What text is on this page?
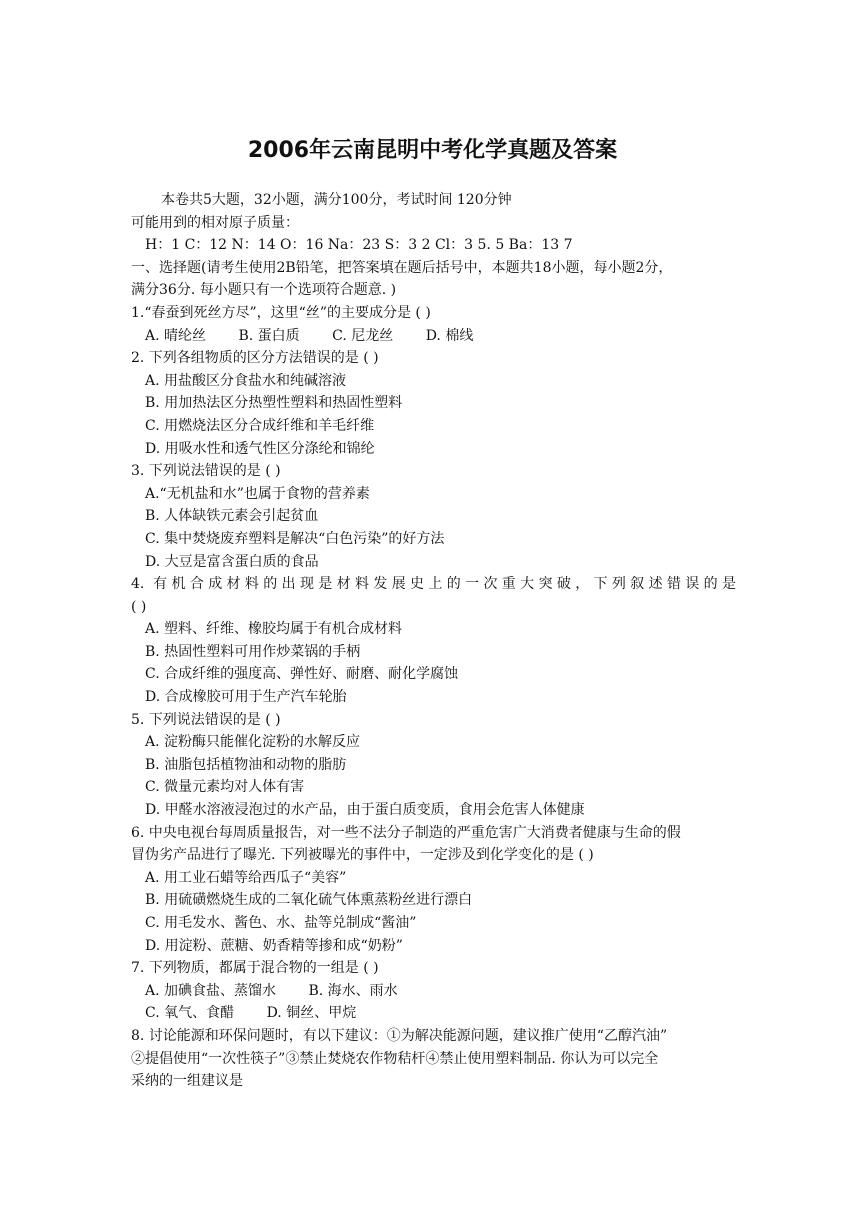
2006年云南昆明中考化学真题及答案
本卷共5大题，32小题，满分100分，考试时间 120分钟
可能用到的相对原子质量：
H：1 C：12 N：14 O：16 Na：23 S：3 2 Cl：3 5. 5 Ba：13 7
一、选择题(请考生使用2B铅笔，把答案填在题后括号中，本题共18小题，每小题2分，
满分36分. 每小题只有一个选项符合题意. )
1.“春蚕到死丝方尽”，这里“丝”的主要成分是 ( )
A. 晴纶丝 B. 蛋白质 C. 尼龙丝 D. 棉线
2. 下列各组物质的区分方法错误的是 ( )
A. 用盐酸区分食盐水和纯碱溶液
B. 用加热法区分热塑性塑料和热固性塑料
C. 用燃烧法区分合成纤维和羊毛纤维
D. 用吸水性和透气性区分涤纶和锦纶
3. 下列说法错误的是 ( )
A.“无机盐和水”也属于食物的营养素
B. 人体缺铁元素会引起贫血
C. 集中焚烧废弃塑料是解决“白色污染”的好方法
D. 大豆是富含蛋白质的食品
4. 有机合成材料的出现是材料发展史上的一次重大突破，下列叙述错误的是
( )
A. 塑料、纤维、橡胶均属于有机合成材料
B. 热固性塑料可用作炒菜锅的手柄
C. 合成纤维的强度高、弹性好、耐磨、耐化学腐蚀
D. 合成橡胶可用于生产汽车轮胎
5. 下列说法错误的是 ( )
A. 淀粉酶只能催化淀粉的水解反应
B. 油脂包括植物油和动物的脂肪
C. 微量元素均对人体有害
D. 甲醛水溶液浸泡过的水产品，由于蛋白质变质，食用会危害人体健康
6. 中央电视台每周质量报告，对一些不法分子制造的严重危害广大消费者健康与生命的假
冒伪劣产品进行了曝光. 下列被曝光的事件中，一定涉及到化学变化的是 ( )
A. 用工业石蜡等给西瓜子“美容”
B. 用硫磺燃烧生成的二氧化硫气体熏蒸粉丝进行漂白
C. 用毛发水、酱色、水、盐等兑制成“酱油”
D. 用淀粉、蔗糖、奶香精等掺和成“奶粉”
7. 下列物质，都属于混合物的一组是 ( )
A. 加碘食盐、蒸馏水 B. 海水、雨水
C. 氧气、食醋 D. 铜丝、甲烷
8. 讨论能源和环保问题时，有以下建议：①为解决能源问题，建议推广使用“乙醇汽油”
②提倡使用“一次性筷子”③禁止焚烧农作物秸杆④禁止使用塑料制品. 你认为可以完全
采纳的一组建议是
